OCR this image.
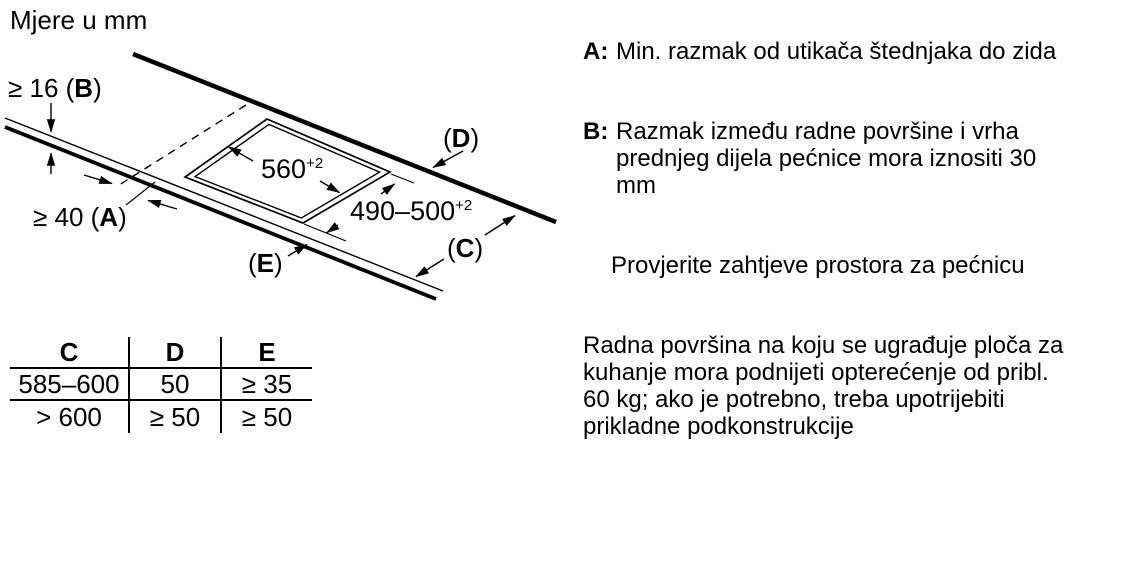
Mjere u mm
≥ 16 (B)
≥ 40 (A)
$560^{+2}$
$490-500^{+2}$
(D)
(C)
(E)
C	D	E
585–600	50	≥ 35
> 600	≥ 50	≥ 50
A: Min. razmak od utikača štednjaka do zida
B: Razmak između radne površine i vrha prednjeg dijela pećnice mora iznositi 30 mm
Provjerite zahtjeve prostora za pećnicu
Radna površina na koju se ugrađuje ploča za kuhanje mora podnijeti opterećenje od pribl. 60 kg; ako je potrebno, treba upotrijebiti prikladne podkonstrukcije
